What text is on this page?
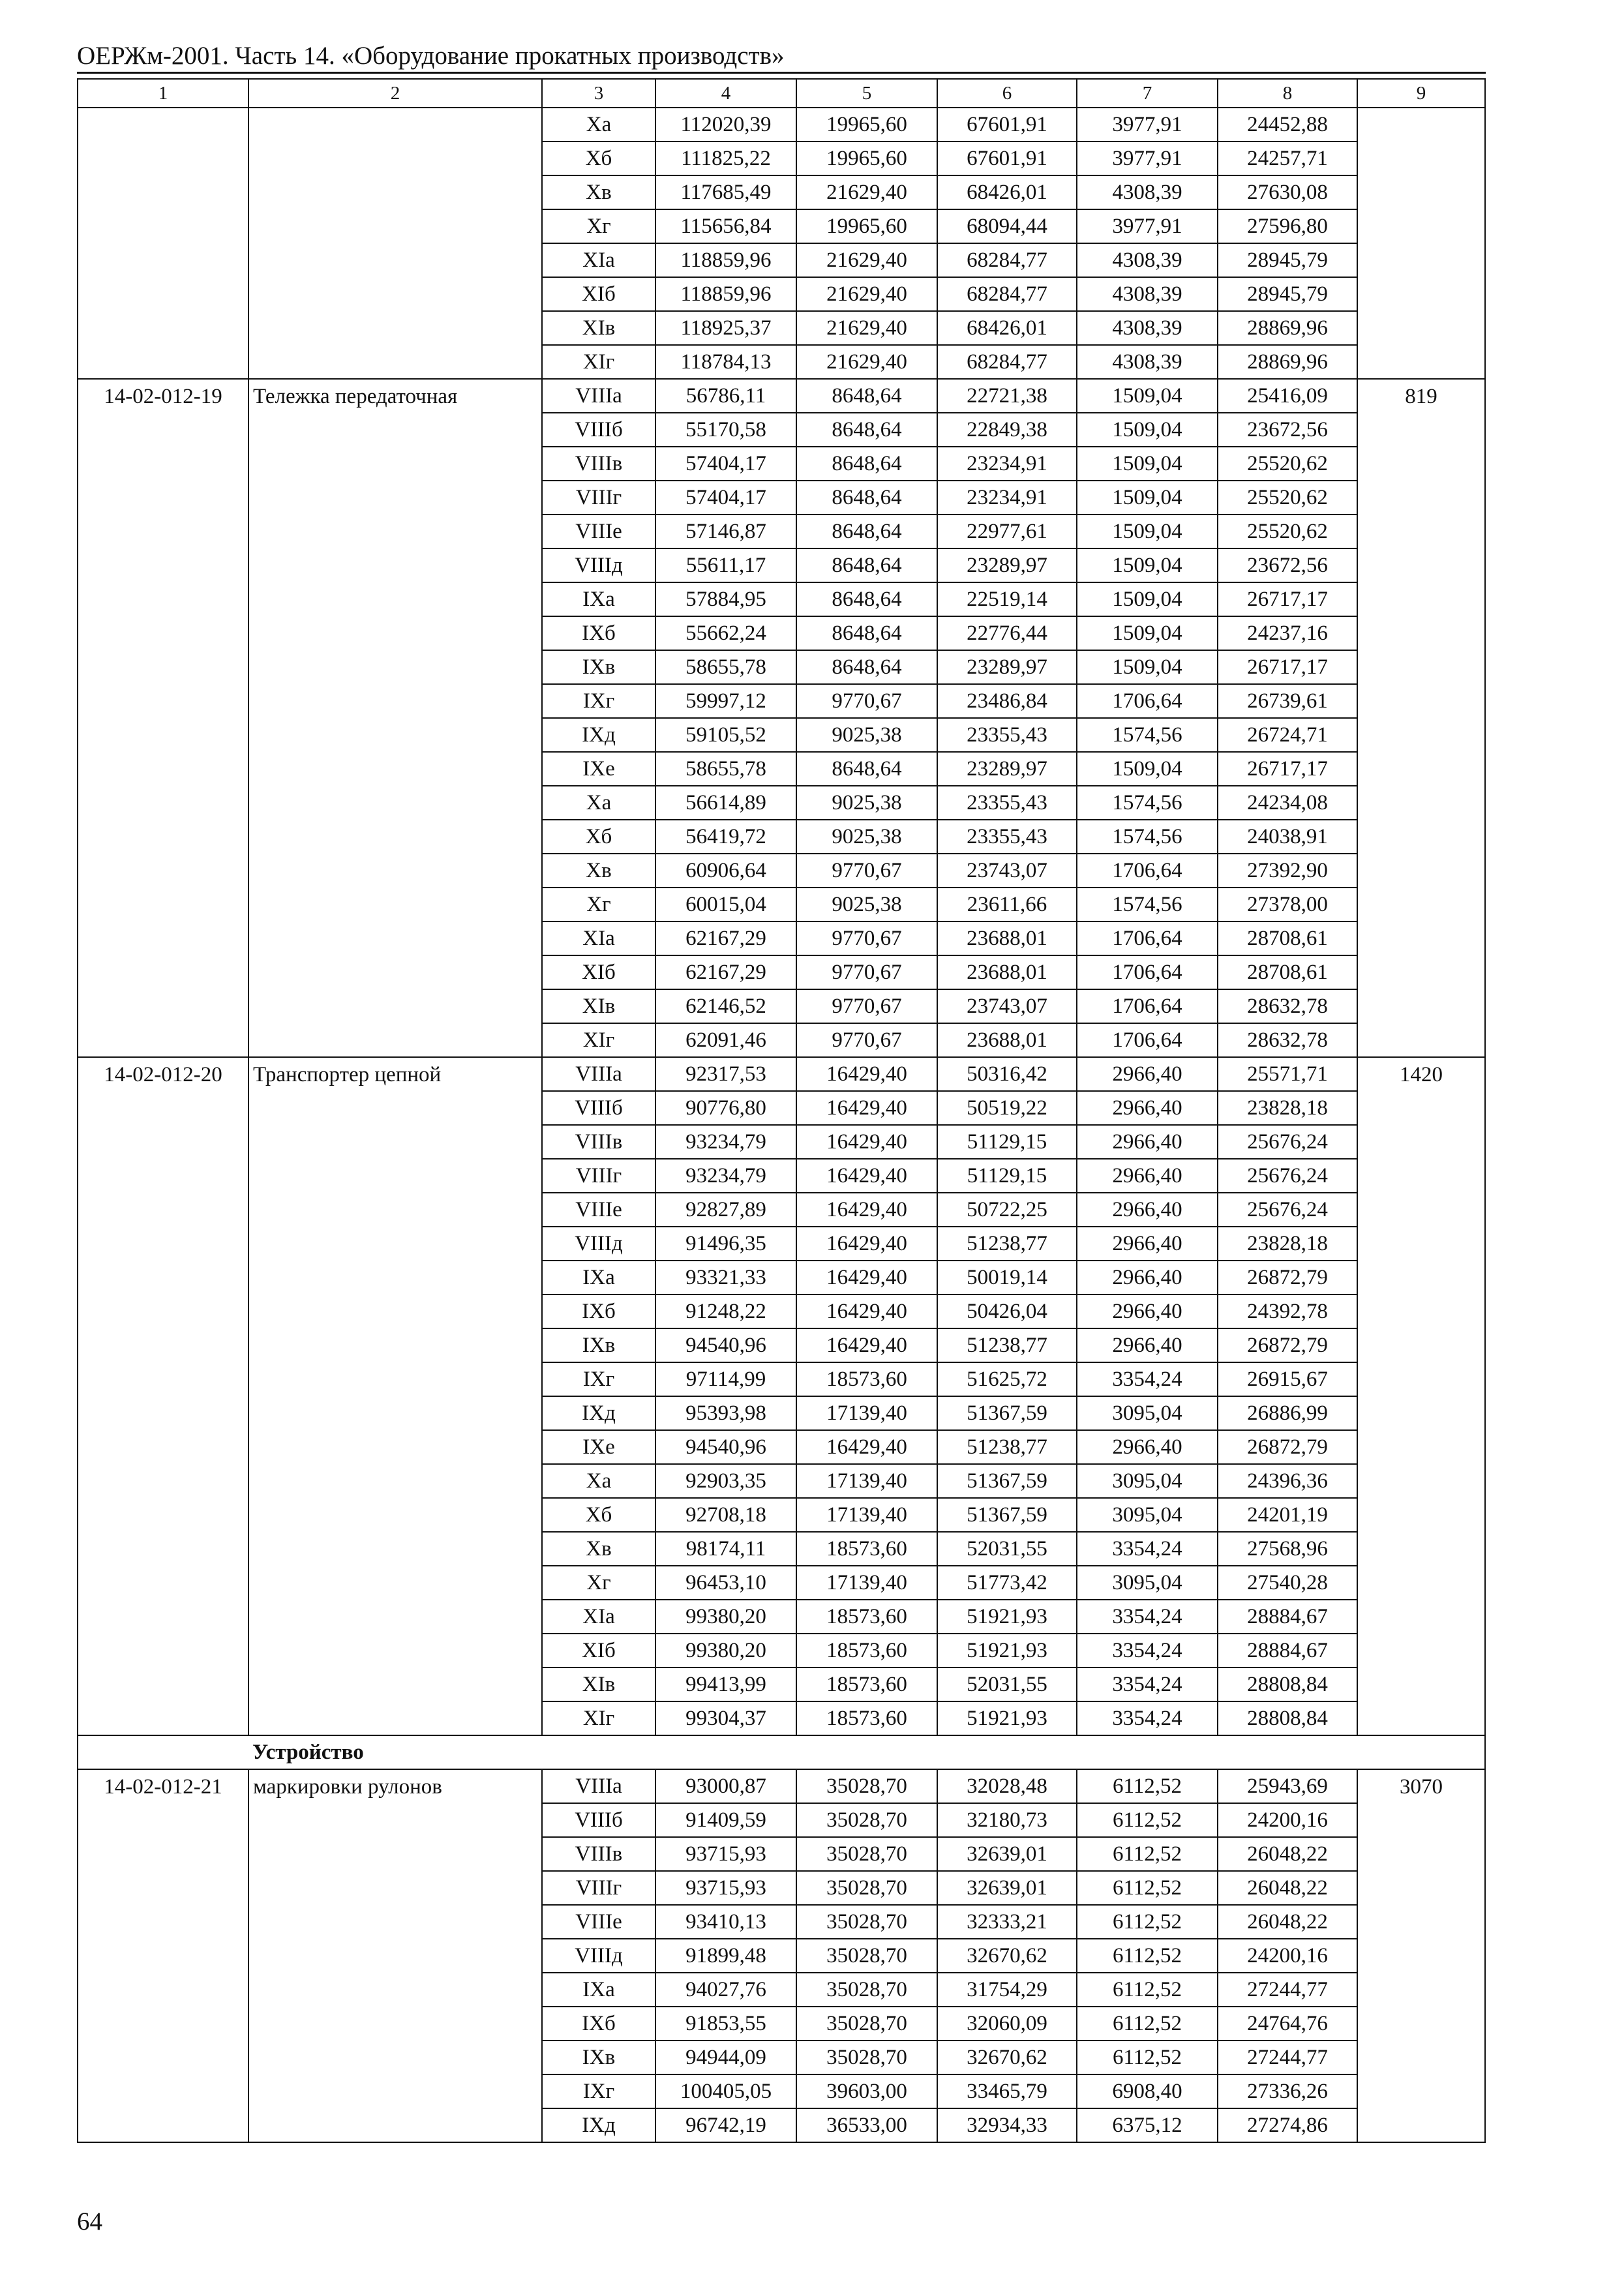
ОЕРЖм-2001. Часть 14. «Оборудование прокатных производств»
1	2	3	4	5	6	7	8	9
		Xa	112020,39	19965,60	67601,91	3977,91	24452,88	
		Xб	111825,22	19965,60	67601,91	3977,91	24257,71	
		Xв	117685,49	21629,40	68426,01	4308,39	27630,08	
		Xг	115656,84	19965,60	68094,44	3977,91	27596,80	
		XIa	118859,96	21629,40	68284,77	4308,39	28945,79	
		XIб	118859,96	21629,40	68284,77	4308,39	28945,79	
		XIв	118925,37	21629,40	68426,01	4308,39	28869,96	
		XIг	118784,13	21629,40	68284,77	4308,39	28869,96	
14-02-012-19	Тележка передаточная	VIIIa	56786,11	8648,64	22721,38	1509,04	25416,09	819
		VIIIб	55170,58	8648,64	22849,38	1509,04	23672,56	
		VIIIв	57404,17	8648,64	23234,91	1509,04	25520,62	
		VIIIг	57404,17	8648,64	23234,91	1509,04	25520,62	
		VIIIе	57146,87	8648,64	22977,61	1509,04	25520,62	
		VIIIд	55611,17	8648,64	23289,97	1509,04	23672,56	
		IXa	57884,95	8648,64	22519,14	1509,04	26717,17	
		IXб	55662,24	8648,64	22776,44	1509,04	24237,16	
		IXв	58655,78	8648,64	23289,97	1509,04	26717,17	
		IXг	59997,12	9770,67	23486,84	1706,64	26739,61	
		IXд	59105,52	9025,38	23355,43	1574,56	26724,71	
		IXе	58655,78	8648,64	23289,97	1509,04	26717,17	
		Xa	56614,89	9025,38	23355,43	1574,56	24234,08	
		Xб	56419,72	9025,38	23355,43	1574,56	24038,91	
		Xв	60906,64	9770,67	23743,07	1706,64	27392,90	
		Xг	60015,04	9025,38	23611,66	1574,56	27378,00	
		XIa	62167,29	9770,67	23688,01	1706,64	28708,61	
		XIб	62167,29	9770,67	23688,01	1706,64	28708,61	
		XIв	62146,52	9770,67	23743,07	1706,64	28632,78	
		XIг	62091,46	9770,67	23688,01	1706,64	28632,78	
14-02-012-20	Транспортер цепной	VIIIa	92317,53	16429,40	50316,42	2966,40	25571,71	1420
		VIIIб	90776,80	16429,40	50519,22	2966,40	23828,18	
		VIIIв	93234,79	16429,40	51129,15	2966,40	25676,24	
		VIIIг	93234,79	16429,40	51129,15	2966,40	25676,24	
		VIIIе	92827,89	16429,40	50722,25	2966,40	25676,24	
		VIIIд	91496,35	16429,40	51238,77	2966,40	23828,18	
		IXa	93321,33	16429,40	50019,14	2966,40	26872,79	
		IXб	91248,22	16429,40	50426,04	2966,40	24392,78	
		IXв	94540,96	16429,40	51238,77	2966,40	26872,79	
		IXг	97114,99	18573,60	51625,72	3354,24	26915,67	
		IXд	95393,98	17139,40	51367,59	3095,04	26886,99	
		IXе	94540,96	16429,40	51238,77	2966,40	26872,79	
		Xa	92903,35	17139,40	51367,59	3095,04	24396,36	
		Xб	92708,18	17139,40	51367,59	3095,04	24201,19	
		Xв	98174,11	18573,60	52031,55	3354,24	27568,96	
		Xг	96453,10	17139,40	51773,42	3095,04	27540,28	
		XIa	99380,20	18573,60	51921,93	3354,24	28884,67	
		XIб	99380,20	18573,60	51921,93	3354,24	28884,67	
		XIв	99413,99	18573,60	52031,55	3354,24	28808,84	
		XIг	99304,37	18573,60	51921,93	3354,24	28808,84	
	Устройство							
14-02-012-21	маркировки рулонов	VIIIa	93000,87	35028,70	32028,48	6112,52	25943,69	3070
		VIIIб	91409,59	35028,70	32180,73	6112,52	24200,16	
		VIIIв	93715,93	35028,70	32639,01	6112,52	26048,22	
		VIIIг	93715,93	35028,70	32639,01	6112,52	26048,22	
		VIIIе	93410,13	35028,70	32333,21	6112,52	26048,22	
		VIIIд	91899,48	35028,70	32670,62	6112,52	24200,16	
		IXa	94027,76	35028,70	31754,29	6112,52	27244,77	
		IXб	91853,55	35028,70	32060,09	6112,52	24764,76	
		IXв	94944,09	35028,70	32670,62	6112,52	27244,77	
		IXг	100405,05	39603,00	33465,79	6908,40	27336,26	
		IXд	96742,19	36533,00	32934,33	6375,12	27274,86	
64
